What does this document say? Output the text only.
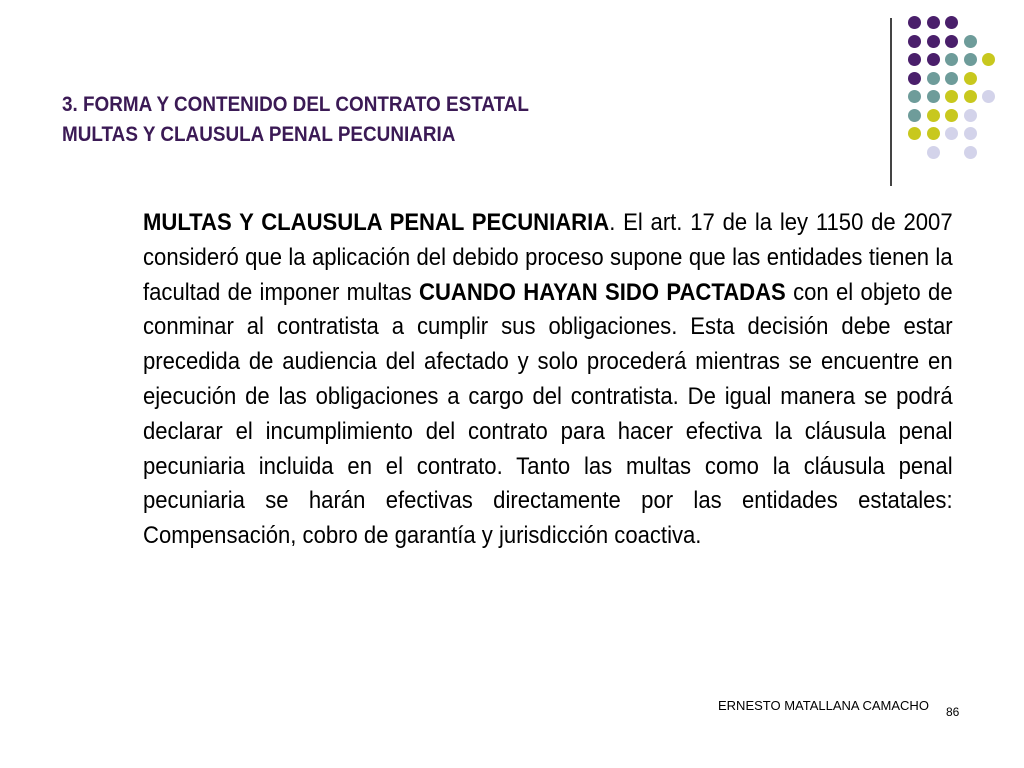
3. FORMA Y CONTENIDO DEL CONTRATO ESTATAL
MULTAS Y CLAUSULA PENAL PECUNIARIA
MULTAS Y CLAUSULA PENAL PECUNIARIA. El art. 17 de la ley 1150 de 2007 consideró que la aplicación del debido proceso supone que las entidades tienen la facultad de imponer multas CUANDO HAYAN SIDO PACTADAS con el objeto de conminar al contratista a cumplir sus obligaciones. Esta decisión debe estar precedida de audiencia del afectado y solo procederá mientras se encuentre en ejecución de las obligaciones a cargo del contratista. De igual manera se podrá declarar el incumplimiento del contrato para hacer efectiva la cláusula penal pecuniaria incluida en el contrato. Tanto las multas como la cláusula penal pecuniaria se harán efectivas directamente por las entidades estatales: Compensación, cobro de garantía y jurisdicción coactiva.
ERNESTO MATALLANA CAMACHO 86
